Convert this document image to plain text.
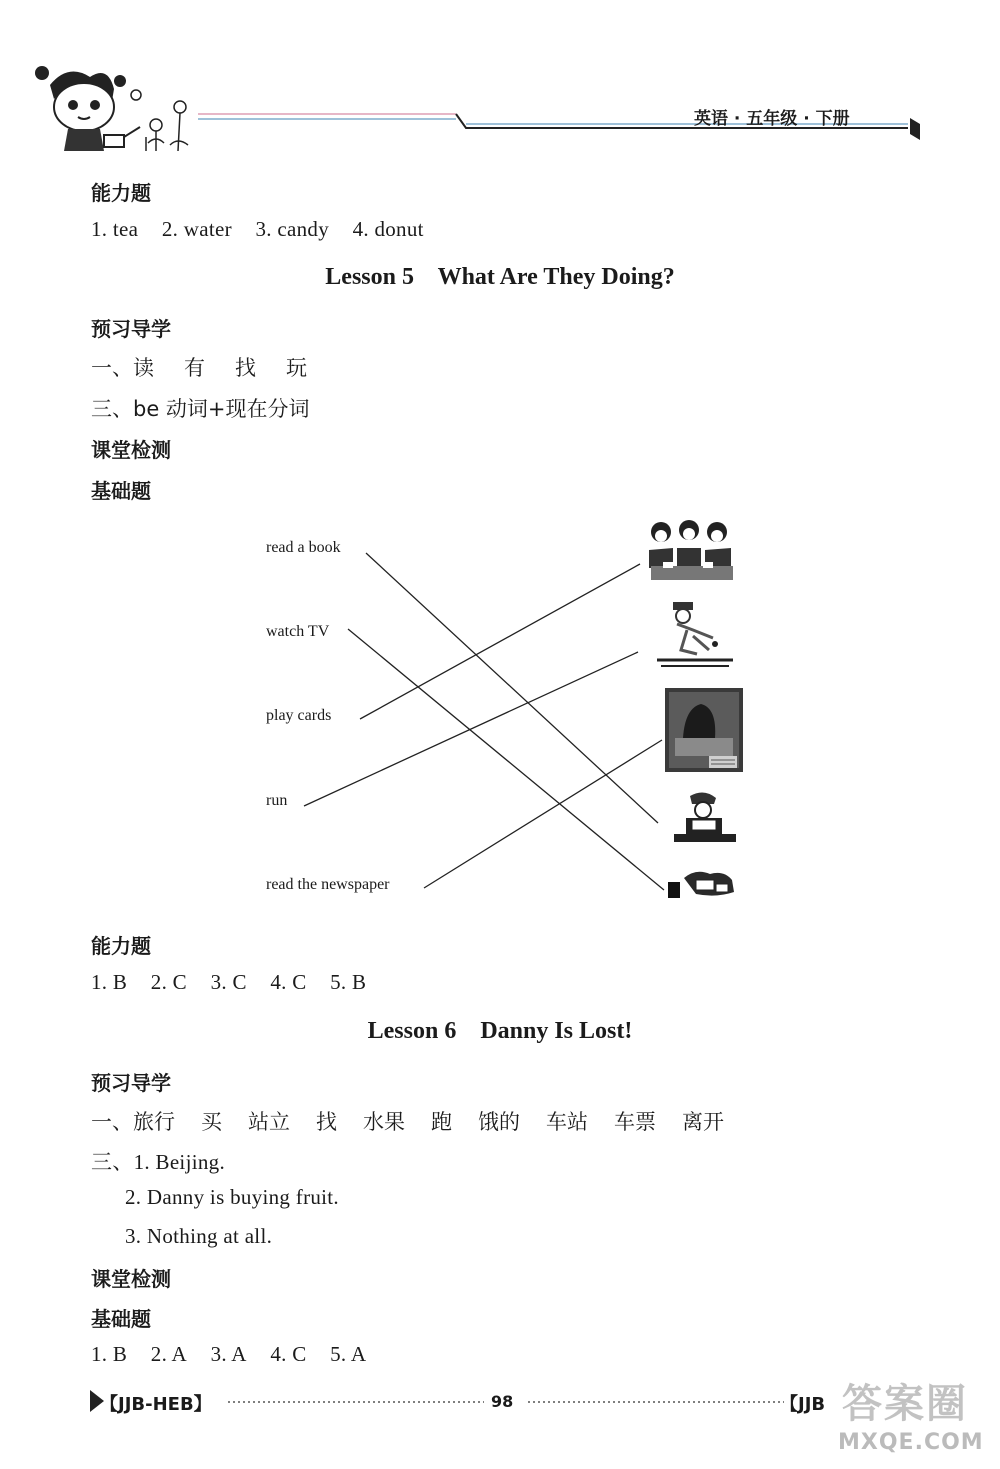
英语 · 五年级 · 下册
能力题
1. tea 2. water 3. candy 4. donut
Lesson 5 What Are They Doing?
预习导学
一、读 有 找 玩
三、be 动词+现在分词
课堂检测
基础题
read a book
watch TV
play cards
run
read the newspaper
能力题
1. B 2. C 3. C 4. C 5. B
Lesson 6 Danny Is Lost!
预习导学
一、旅行 买 站立 找 水果 跑 饿的 车站 车票 离开
三、1. Beijing.
2. Danny is buying fruit.
3. Nothing at all.
课堂检测
基础题
1. B 2. A 3. A 4. C 5. A
【JJB-HEB】	98	【JJB 答案圈
MXQE.COM
